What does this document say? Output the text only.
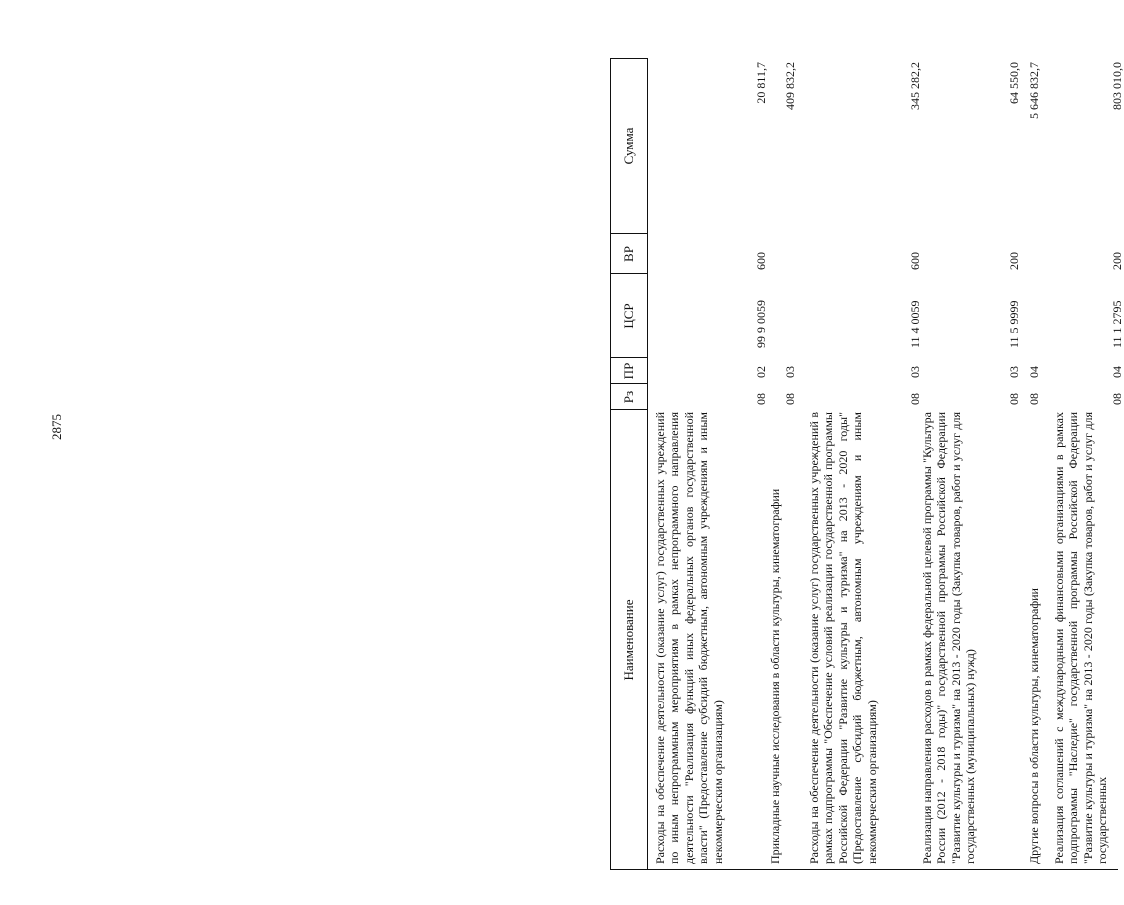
2875
Наименование
Рз
ПР
ЦСР
ВР
Сумма
Расходы на обеспечение деятельности (оказание услуг) государственных учреждений по иным непрограммным мероприятиям в рамках непрограммного направления деятельности "Реализация функций иных федеральных органов государственной власти" (Предоставление субсидий бюджетным, автономным учреждениям и иным некоммерческим организациям)
08
02
99 9 0059
600
20 811,7
Прикладные научные исследования в области культуры, кинематографии
08
03
409 832,2
Расходы на обеспечение деятельности (оказание услуг) государственных учреждений в рамках подпрограммы "Обеспечение условий реализации государственной программы Российской Федерации "Развитие культуры и туризма" на 2013 - 2020 годы" (Предоставление субсидий бюджетным, автономным учреждениям и иным некоммерческим организациям)
08
03
11 4 0059
600
345 282,2
Реализация направления расходов в рамках федеральной целевой программы "Культура России (2012 - 2018 годы)" государственной программы Российской Федерации "Развитие культуры и туризма" на 2013 - 2020 годы (Закупка товаров, работ и услуг для государственных (муниципальных) нужд)
08
03
11 5 9999
200
64 550,0
Другие вопросы в области культуры, кинематографии
08
04
5 646 832,7
Реализация соглашений с международными финансовыми организациями в рамках подпрограммы "Наследие" государственной программы Российской Федерации "Развитие культуры и туризма" на 2013 - 2020 годы (Закупка товаров, работ и услуг для государственных
08
04
11 1 2795
200
803 010,0
